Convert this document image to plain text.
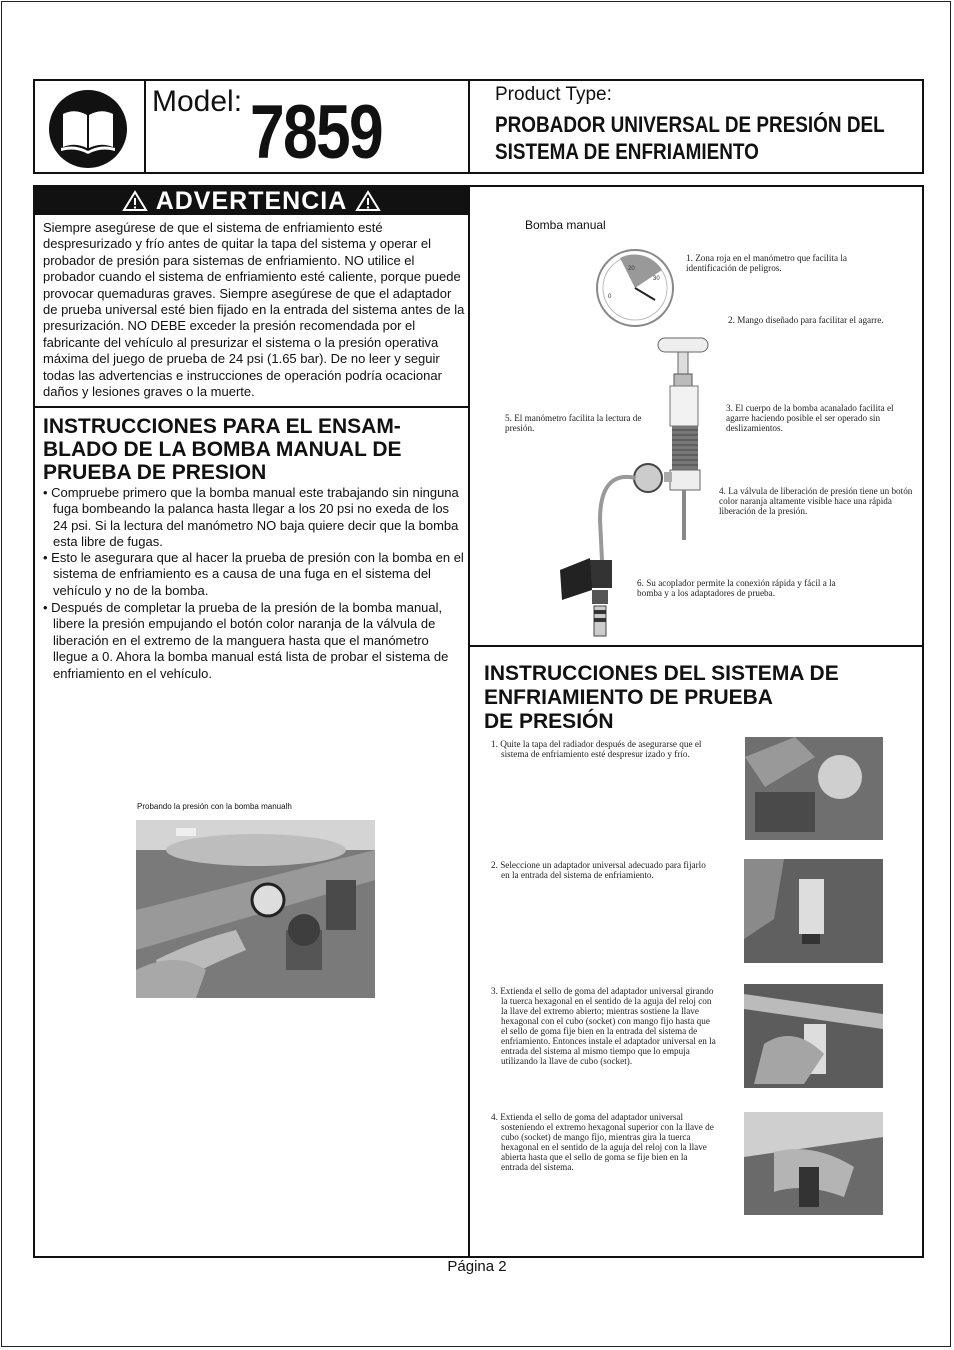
Model: 7859	Product Type:
PROBADOR UNIVERSAL DE PRESIÓN DEL
SISTEMA DE ENFRIAMIENTO
ADVERTENCIA
Siempre asegúrese de que el sistema de enfriamiento esté despresurizado y frío antes de quitar la tapa del sistema y operar el probador de presión para sistemas de enfriamiento. NO utilice el probador cuando el sistema de enfriamiento esté caliente, porque puede provocar quemaduras graves. Siempre asegúrese de que el adaptador de prueba universal esté bien fijado en la entrada del sistema antes de la presurización. NO DEBE exceder la presión recomendada por el fabricante del vehículo al presurizar el sistema o la presión operativa máxima del juego de prueba de 24 psi (1.65 bar). De no leer y seguir todas las advertencias e instrucciones de operación podría ocacionar daños y lesiones graves o la muerte.
INSTRUCCIONES PARA EL ENSAM-
BLADO DE LA BOMBA MANUAL DE
PRUEBA DE PRESION
• Compruebe primero que la bomba manual este trabajando sin ninguna fuga bombeando la palanca hasta llegar a los 20 psi no exeda de los 24 psi. Si la lectura del manómetro NO baja quiere decir que la bomba esta libre de fugas.
• Esto le asegurara que al hacer la prueba de presión con la bomba en el sistema de enfriamiento es a causa de una fuga en el sistema del vehículo y no de la bomba.
• Después de completar la prueba de la presión de la bomba manual, libere la presión empujando el botón color naranja de la válvula de liberación en el extremo de la manguera hasta que el manómetro llegue a 0. Ahora la bomba manual está lista de probar el sistema de enfriamiento en el vehículo.
Probando la presión con la bomba manualh
Bomba manual
20
30
0
1. Zona roja en el manómetro que facilita la identificación de peligros.
2. Mango diseñado para facilitar el agarre.
3. El cuerpo de la bomba acanalado facilita el agarre haciendo posible el ser operado sin deslizamientos.
4. La válvula de liberación de presión tiene un botón color naranja altamente visible hace una rápida liberación de la presión.
5. El manómetro facilita la lectura de presión.
6. Su acoplador permite la conexión rápida y fácil a la bomba y a los adaptadores de prueba.
INSTRUCCIONES DEL SISTEMA DE
ENFRIAMIENTO DE PRUEBA
DE PRESIÓN
1. Quite la tapa del radiador después de asegurarse que el sistema de enfriamiento esté despresur izado y frío.
2. Seleccione un adaptador universal adecuado para fijarlo en la entrada del sistema de enfriamiento.
3. Extienda el sello de goma del adaptador universal girando la tuerca hexagonal en el sentido de la aguja del reloj con la llave del extremo abierto; mientras sostiene la llave hexagonal con el cubo (socket) con mango fijo hasta que el sello de goma fije bien en la entrada del sistema de enfriamiento. Entonces instale el adaptador universal en la entrada del sistema al mismo tiempo que lo empuja utilizando la llave de cubo (socket).
4. Extienda el sello de goma del adaptador universal sosteniendo el extremo hexagonal superior con la llave de cubo (socket) de mango fijo, mientras gira la tuerca hexagonal en el sentido de la aguja del reloj con la llave abierta hasta que el sello de goma se fije bien en la entrada del sistema.
Página 2
